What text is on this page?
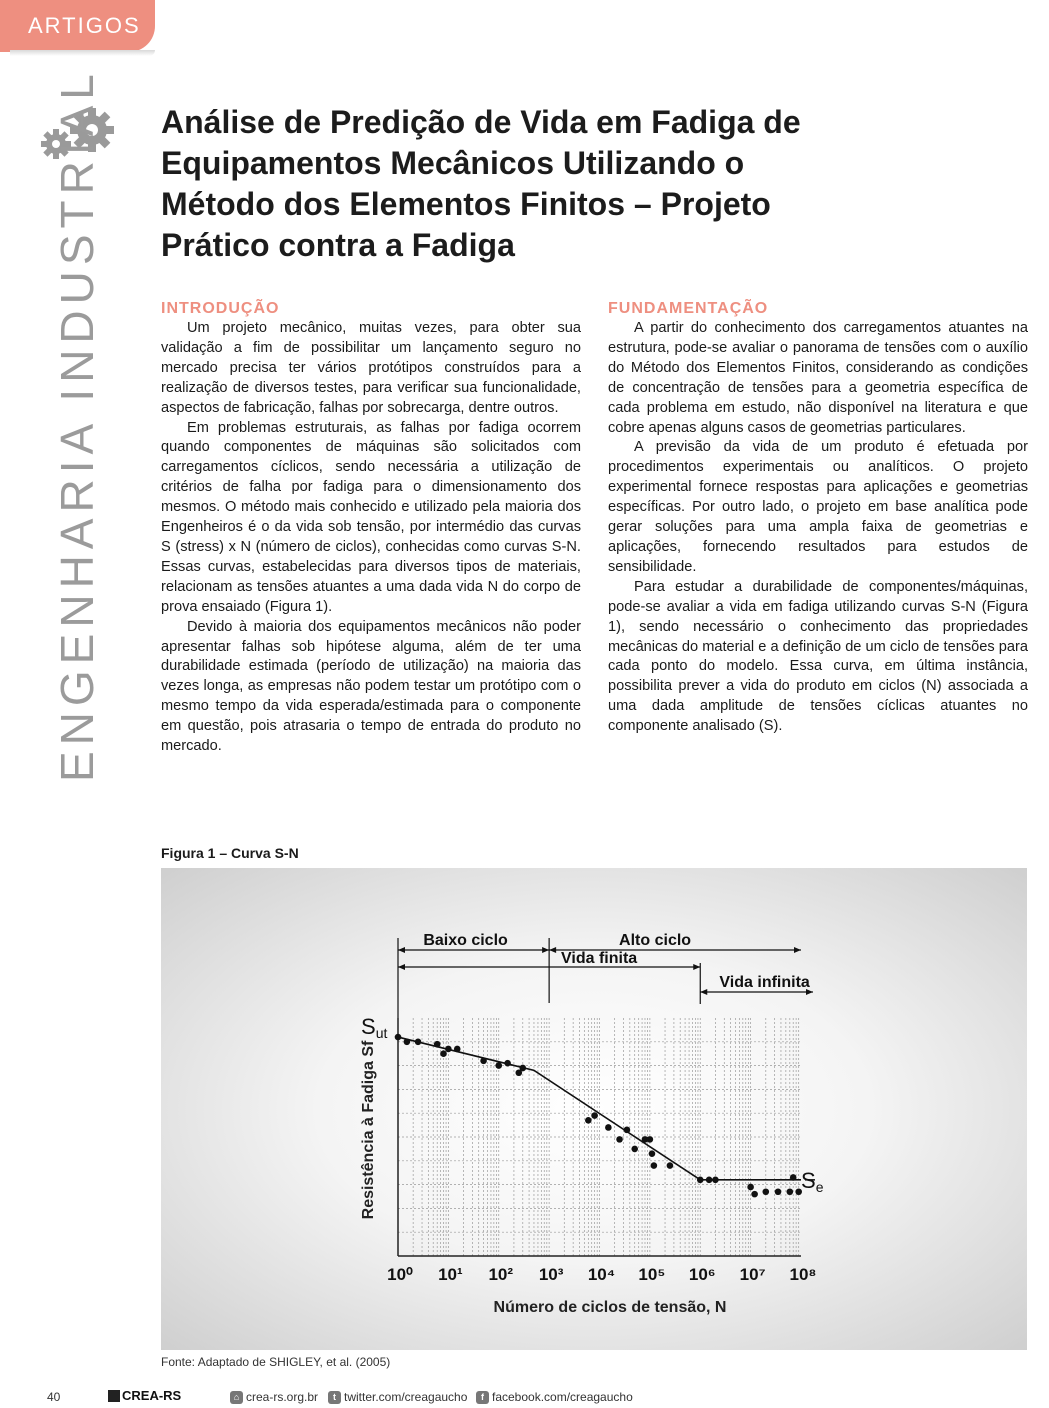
ARTIGOS
ENGENHARIA INDUSTRIAL Análise de Predição de Vida em Fadiga de Equipamentos Mecânicos Utilizando o Método dos Elementos Finitos – Projeto Prático contra a Fadiga
INTRODUÇÃO

Um projeto mecânico, muitas vezes, para obter sua validação a fim de possibilitar um lançamento seguro no mercado precisa ter vários protótipos construídos para a realização de diversos testes, para verificar sua funcionalidade, aspectos de fabricação, falhas por sobrecarga, dentre outros.

Em problemas estruturais, as falhas por fadiga ocorrem quando componentes de máquinas são solicitados com carregamentos cíclicos, sendo necessária a utilização de critérios de falha por fadiga para o dimensionamento dos mesmos. O método mais conhecido e utilizado pela maioria dos Engenheiros é o da vida sob tensão, por intermédio das curvas S (stress) x N (número de ciclos), conhecidas como curvas S-N. Essas curvas, estabelecidas para diversos tipos de materiais, relacionam as tensões atuantes a uma dada vida N do corpo de prova ensaiado (Figura 1).

Devido à maioria dos equipamentos mecânicos não poder apresentar falhas sob hipótese alguma, além de ter uma durabilidade estimada (período de utilização) na maioria das vezes longa, as empresas não podem testar um protótipo com o mesmo tempo da vida esperada/estimada para o componente em questão, pois atrasaria o tempo de entrada do produto no mercado.

FUNDAMENTAÇÃO

A partir do conhecimento dos carregamentos atuantes na estrutura, pode-se avaliar o panorama de tensões com o auxílio do Método dos Elementos Finitos, considerando as condições de concentração de tensões para a geometria específica de cada problema em estudo, não disponível na literatura e que cobre apenas alguns casos de geometrias particulares.

A previsão da vida de um produto é efetuada por procedimentos experimentais ou analíticos. O projeto experimental fornece respostas para aplicações e geometrias específicas. Por outro lado, o projeto em base analítica pode gerar soluções para uma ampla faixa de geometrias e aplicações, fornecendo resultados para estudos de sensibilidade.

Para estudar a durabilidade de componentes/máquinas, pode-se avaliar a vida em fadiga utilizando curvas S-N (Figura 1), sendo necessário o conhecimento das propriedades mecânicas do material e a definição de um ciclo de tensões para cada ponto do modelo. Essa curva, em última instância, possibilita prever a vida do produto em ciclos (N) associada a uma dada amplitude de tensões cíclicas atuantes no componente analisado (S).

Figura 1 – Curva S-N
Baixo ciclo	Alto ciclo
Vida finita
Vida infinita
10⁰ 10¹ 10² 10³ 10⁴ 10⁵ 10⁶ 10⁷ 10⁸
Sut
Se
Resistência à Fadiga Sf
Número de ciclos de tensão, N
Fonte: Adaptado de SHIGLEY, et al. (2005)
40	CREA-RS	⌂ crea-rs.org.br	t twitter.com/creagaucho	f facebook.com/creagaucho
